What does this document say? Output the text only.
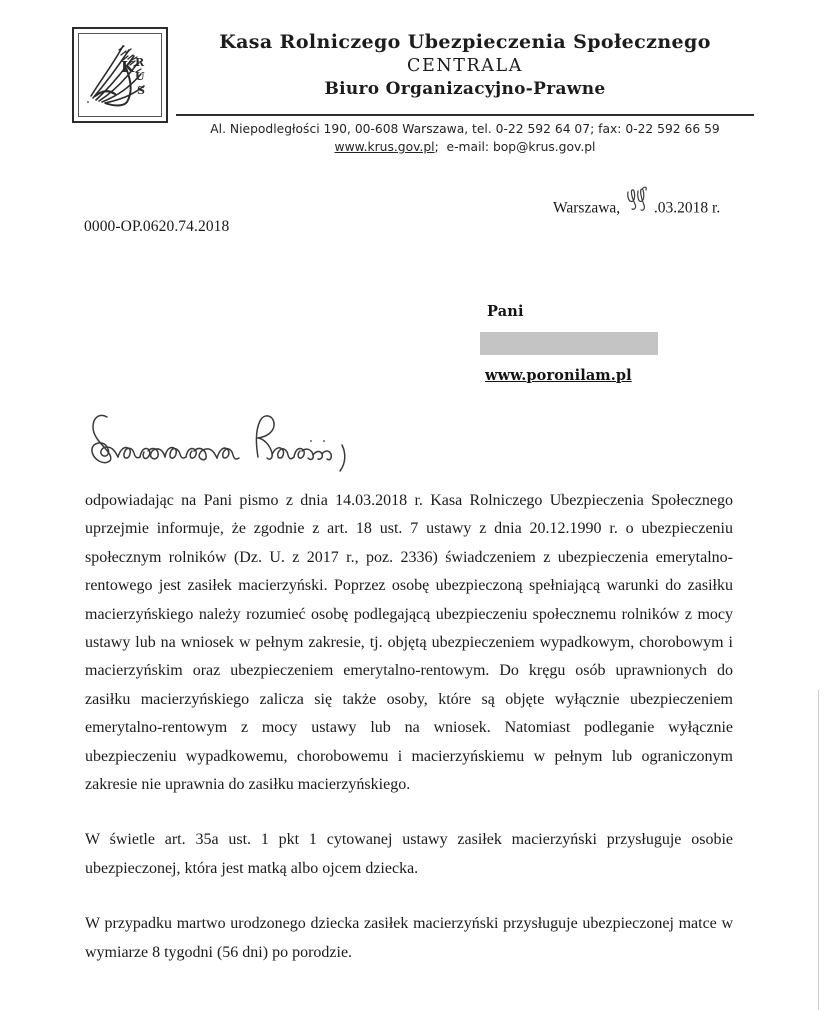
K R
U
S
Kasa Rolniczego Ubezpieczenia Społecznego
CENTRALA
Biuro Organizacyjno-Prawne
Al. Niepodległości 190, 00-608 Warszawa, tel. 0-22 592 64 07; fax: 0-22 592 66 59
www.krus.gov.pl; e-mail: bop@krus.gov.pl
Warszawa, .03.2018 r.
0000-OP.0620.74.2018
Pani
www.poronilam.pl

odpowiadając na Pani pismo z dnia 14.03.2018 r. Kasa Rolniczego Ubezpieczenia Społecznego uprzejmie informuje, że zgodnie z art. 18 ust. 7 ustawy z dnia 20.12.1990 r. o ubezpieczeniu społecznym rolników (Dz. U. z 2017 r., poz. 2336) świadczeniem z ubezpieczenia emerytalno-rentowego jest zasiłek macierzyński. Poprzez osobę ubezpieczoną spełniającą warunki do zasiłku macierzyńskiego należy rozumieć osobę podlegającą ubezpieczeniu społecznemu rolników z mocy ustawy lub na wniosek w pełnym zakresie, tj. objętą ubezpieczeniem wypadkowym, chorobowym i macierzyńskim oraz ubezpieczeniem emerytalno-rentowym. Do kręgu osób uprawnionych do zasiłku macierzyńskiego zalicza się także osoby, które są objęte wyłącznie ubezpieczeniem emerytalno-rentowym z mocy ustawy lub na wniosek. Natomiast podleganie wyłącznie ubezpieczeniu wypadkowemu, chorobowemu i macierzyńskiemu w pełnym lub ograniczonym zakresie nie uprawnia do zasiłku macierzyńskiego.

W świetle art. 35a ust. 1 pkt 1 cytowanej ustawy zasiłek macierzyński przysługuje osobie ubezpieczonej, która jest matką albo ojcem dziecka.

W przypadku martwo urodzonego dziecka zasiłek macierzyński przysługuje ubezpieczonej matce w wymiarze 8 tygodni (56 dni) po porodzie.
